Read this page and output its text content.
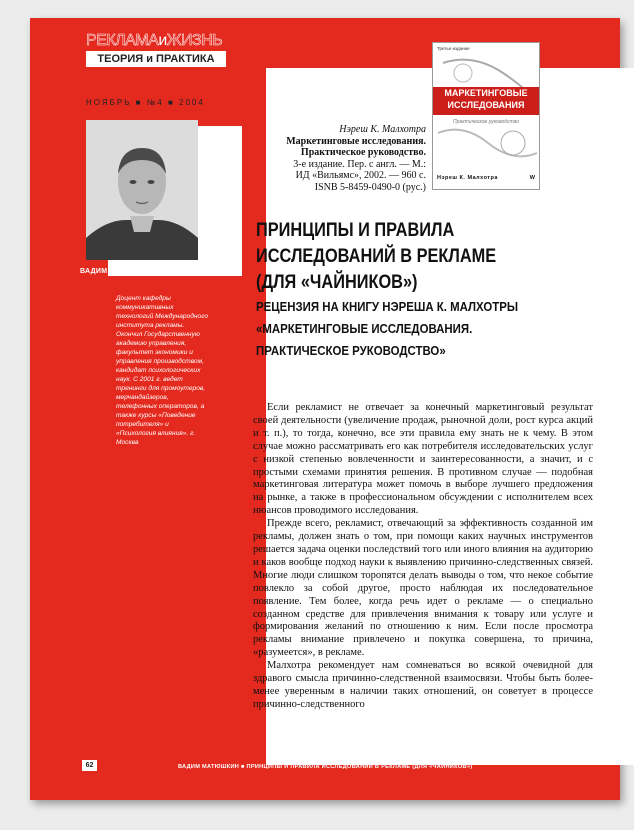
РЕКЛАМАиЖИЗНЬ
ТЕОРИЯ и ПРАКТИКА
НОЯБРЬ ■ №4 ■ 2004
ВАДИМ МАТЮШКИН
Доцент кафедры коммуникативных технологий Международного института рекламы. Окончил Государственную академию управления, факультет экономики и управления производством, кандидат психологических наук. С 2001 г. ведет тренинги для промоутеров, мерчандайзеров, телефонных операторов, а также курсы «Поведение потребителя» и «Психология влияния». г. Москва
Третье издание
МАРКЕТИНГОВЫЕ
ИССЛЕДОВАНИЯ
Практическое руководство
Нэреш К. Малхотра	W
Нэреш К. Малхотра
Маркетинговые исследования.
Практическое руководство.
3-е издание. Пер. с англ. — М.:
ИД «Вильямс», 2002. — 960 с.
ISNB 5-8459-0490-0 (рус.)
ПРИНЦИПЫ И ПРАВИЛА
ИССЛЕДОВАНИЙ В РЕКЛАМЕ
(ДЛЯ «ЧАЙНИКОВ»)
РЕЦЕНЗИЯ НА КНИГУ НЭРЕША К. МАЛХОТРЫ
«МАРКЕТИНГОВЫЕ ИССЛЕДОВАНИЯ.
ПРАКТИЧЕСКОЕ РУКОВОДСТВО»

Если рекламист не отвечает за конечный маркетинговый результат своей деятельности (увеличение продаж, рыночной доли, рост курса акций и т. п.), то тогда, конечно, все эти правила ему знать не к чему. В этом случае можно рассматривать его как потребителя исследовательских услуг с низкой степенью вовлеченности и заинтересованности, а значит, и с простыми схемами принятия решения. В противном случае — подобная маркетинговая литература может помочь в выборе лучшего предложения на рынке, а также в профессиональном обсуждении с исполнителем всех нюансов проводимого исследования.

Прежде всего, рекламист, отвечающий за эффективность созданной им рекламы, должен знать о том, при помощи каких научных инструментов решается задача оценки последствий того или иного влияния на аудиторию и каков вообще подход науки к выявлению причинно-следственных связей. Многие люди слишком торопятся делать выводы о том, что некое событие повлекло за собой другое, просто наблюдая их последовательное появление. Тем более, когда речь идет о рекламе — о специально созданном средстве для привлечения внимания к товару или услуге и формирования желаний по отношению к ним. Если после просмотра рекламы внимание привлечено и покупка совершена, то причина, «разумеется», в рекламе.

Малхотра рекомендует нам сомневаться во всякой очевидной для здравого смысла причинно-следственной взаимосвязи. Чтобы быть более-менее уверенным в наличии таких отношений, он советует в процессе причинно-следственного

62	ВАДИМ МАТЮШКИН ■ ПРИНЦИПЫ И ПРАВИЛА ИССЛЕДОВАНИЙ В РЕКЛАМЕ (ДЛЯ «ЧАЙНИКОВ»)
